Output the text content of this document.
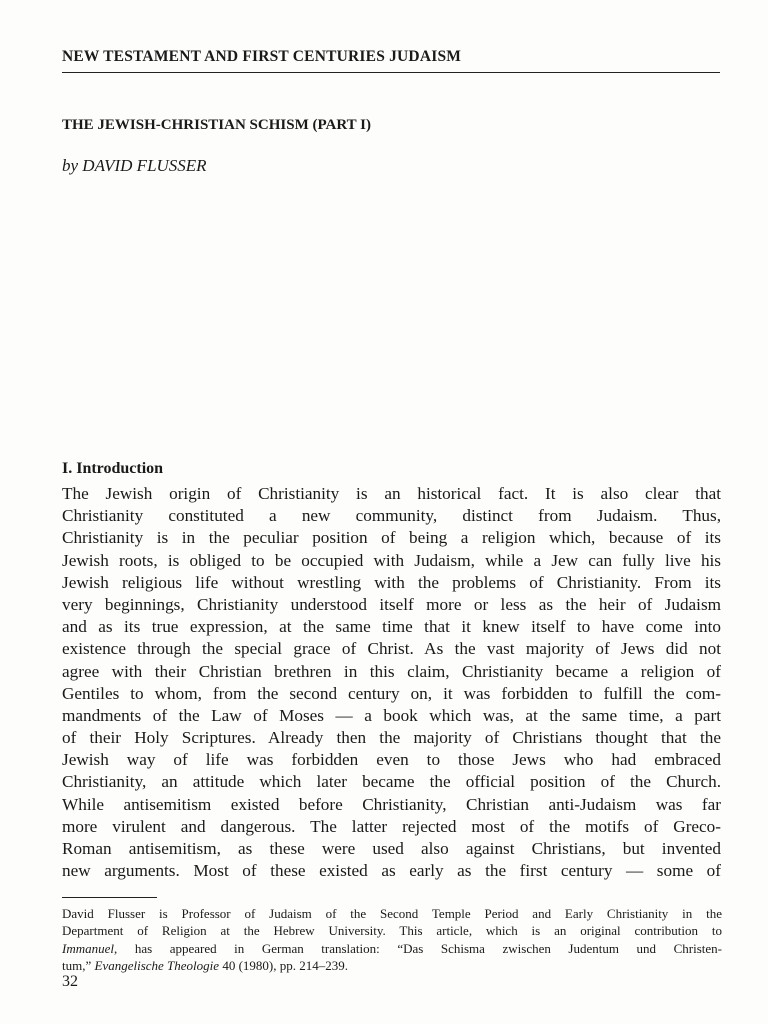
NEW TESTAMENT AND FIRST CENTURIES JUDAISM
THE JEWISH-CHRISTIAN SCHISM (PART I)
by DAVID FLUSSER
I. Introduction
The Jewish origin of Christianity is an historical fact. It is also clear that
Christianity constituted a new community, distinct from Judaism. Thus,
Christianity is in the peculiar position of being a religion which, because of its
Jewish roots, is obliged to be occupied with Judaism, while a Jew can fully live his
Jewish religious life without wrestling with the problems of Christianity. From its
very beginnings, Christianity understood itself more or less as the heir of Judaism
and as its true expression, at the same time that it knew itself to have come into
existence through the special grace of Christ. As the vast majority of Jews did not
agree with their Christian brethren in this claim, Christianity became a religion of
Gentiles to whom, from the second century on, it was forbidden to fulfill the com-
mandments of the Law of Moses — a book which was, at the same time, a part
of their Holy Scriptures. Already then the majority of Christians thought that the
Jewish way of life was forbidden even to those Jews who had embraced
Christianity, an attitude which later became the official position of the Church.
While antisemitism existed before Christianity, Christian anti-Judaism was far
more virulent and dangerous. The latter rejected most of the motifs of Greco-
Roman antisemitism, as these were used also against Christians, but invented
new arguments. Most of these existed as early as the first century — some of
David Flusser is Professor of Judaism of the Second Temple Period and Early Christianity in the
Department of Religion at the Hebrew University. This article, which is an original contribution to
Immanuel, has appeared in German translation: “Das Schisma zwischen Judentum und Christen-
tum,” Evangelische Theologie 40 (1980), pp. 214–239.
32
